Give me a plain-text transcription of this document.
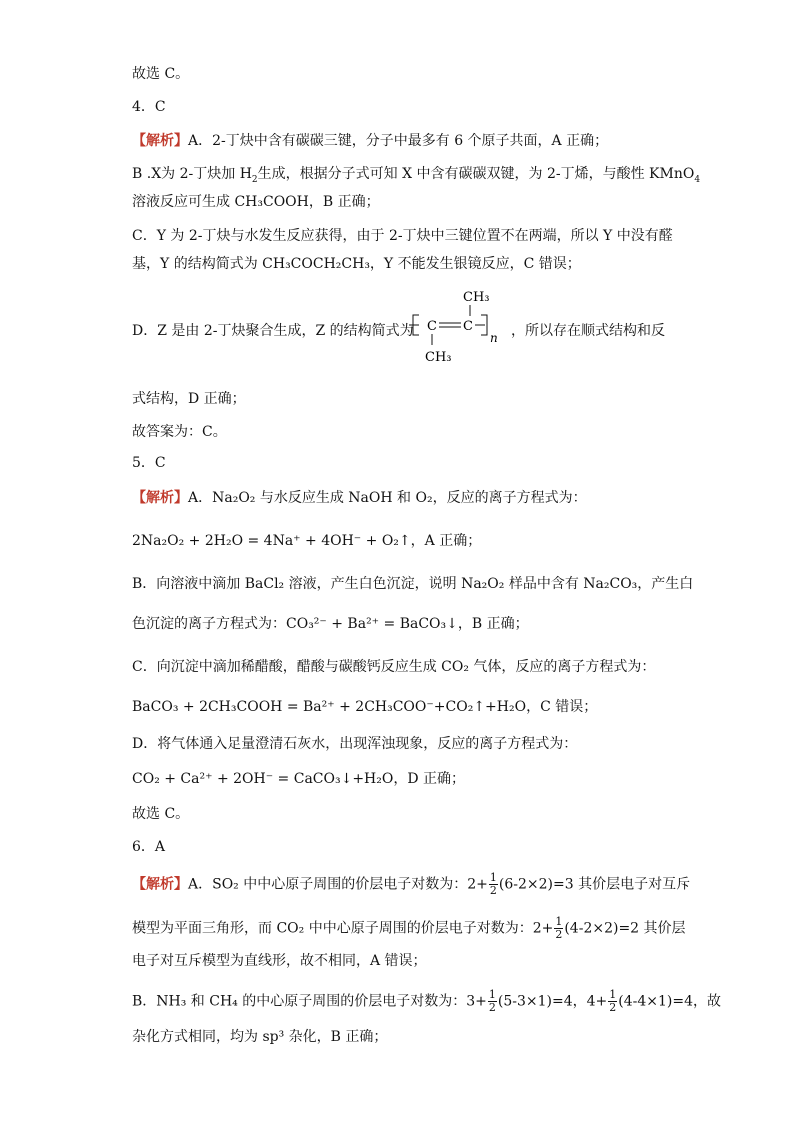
故选 C。
4．C
【解析】A．2-丁炔中含有碳碳三键，分子中最多有 6 个原子共面，A 正确；
B .X为 2-丁炔加 $H_2$生成，根据分子式可知 X 中含有碳碳双键，为 2-丁烯，与酸性 KMnO$_4$
溶液反应可生成 CH₃COOH，B 正确；
C．Y 为 2-丁炔与水发生反应获得，由于 2-丁炔中三键位置不在两端，所以 Y 中没有醛
基，Y 的结构简式为 CH₃COCH₂CH₃，Y 不能发生银镜反应，C 错误；
D．Z 是由 2-丁炔聚合生成，Z 的结构简式为	，所以存在顺式结构和反
CH₃
C C
n
CH₃
式结构，D 正确；
故答案为：C。
5．C
【解析】A．Na₂O₂ 与水反应生成 NaOH 和 O₂，反应的离子方程式为：
2Na₂O₂ + 2H₂O = 4Na⁺ + 4OH⁻ + O₂↑，A 正确；
B．向溶液中滴加 BaCl₂ 溶液，产生白色沉淀，说明 Na₂O₂ 样品中含有 Na₂CO₃，产生白
色沉淀的离子方程式为：CO₃²⁻ + Ba²⁺ = BaCO₃↓，B 正确；
C．向沉淀中滴加稀醋酸，醋酸与碳酸钙反应生成 CO₂ 气体，反应的离子方程式为：
BaCO₃ + 2CH₃COOH = Ba²⁺ + 2CH₃COO⁻+CO₂↑+H₂O，C 错误；
D．将气体通入足量澄清石灰水，出现浑浊现象，反应的离子方程式为：
CO₂ + Ca²⁺ + 2OH⁻ = CaCO₃↓+H₂O，D 正确；
故选 C。
6．A
【解析】A．SO₂ 中中心原子周围的价层电子对数为：$2+ \frac{1}{2} (6-2\times 2)=3$ 其价层电子对互斥
模型为平面三角形，而 CO₂ 中中心原子周围的价层电子对数为：$2+ \frac{1}{2} (4-2\times 2)=2$ 其价层
电子对互斥模型为直线形，故不相同，A 错误；
B．NH₃ 和 CH₄ 的中心原子周围的价层电子对数为：$3+ \frac{1}{2} (5-3\times 1)=4$，$4+ \frac{1}{2} (4-4\times 1)=4$，故
杂化方式相同，均为 sp³ 杂化，B 正确；
